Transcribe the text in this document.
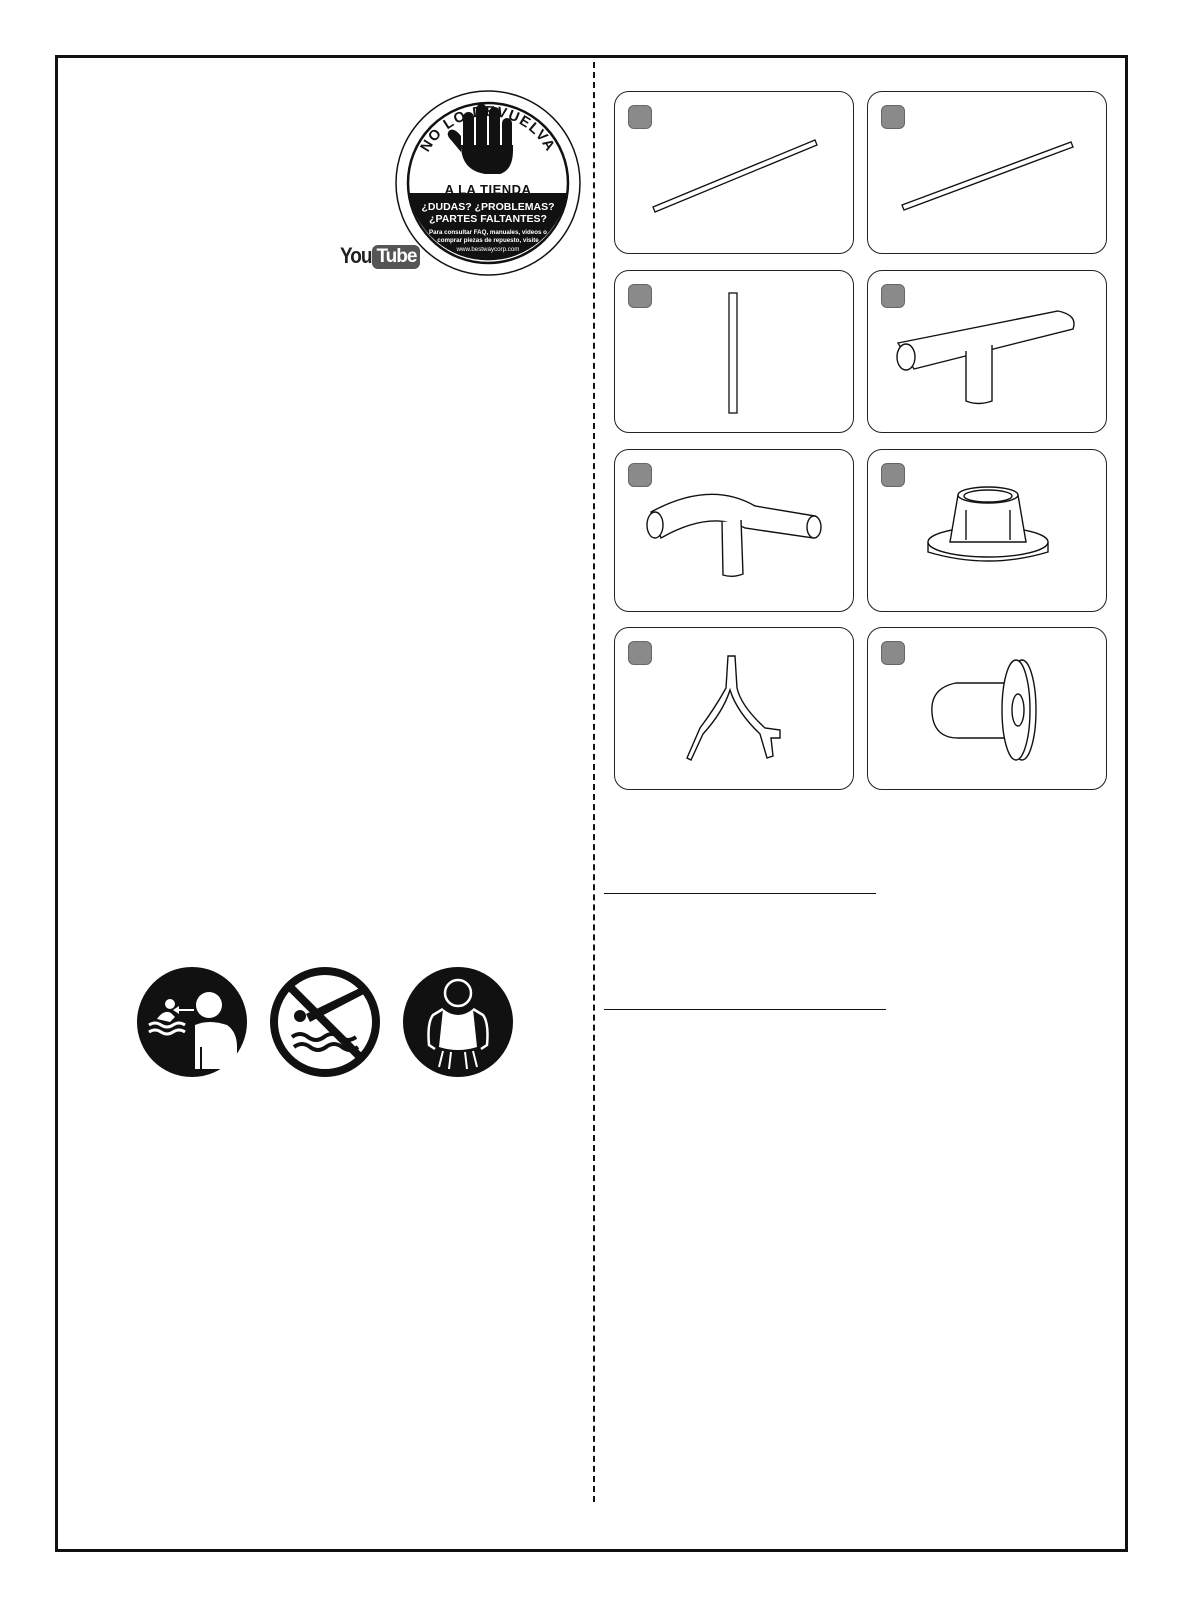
NO LO DEVUELVA
A LA TIENDA
¿DUDAS? ¿PROBLEMAS?
¿PARTES FALTANTES?
Para consultar FAQ, manuales, videos o
comprar piezas de repuesto, visite
www.bestwaycorp.com
You Tube
